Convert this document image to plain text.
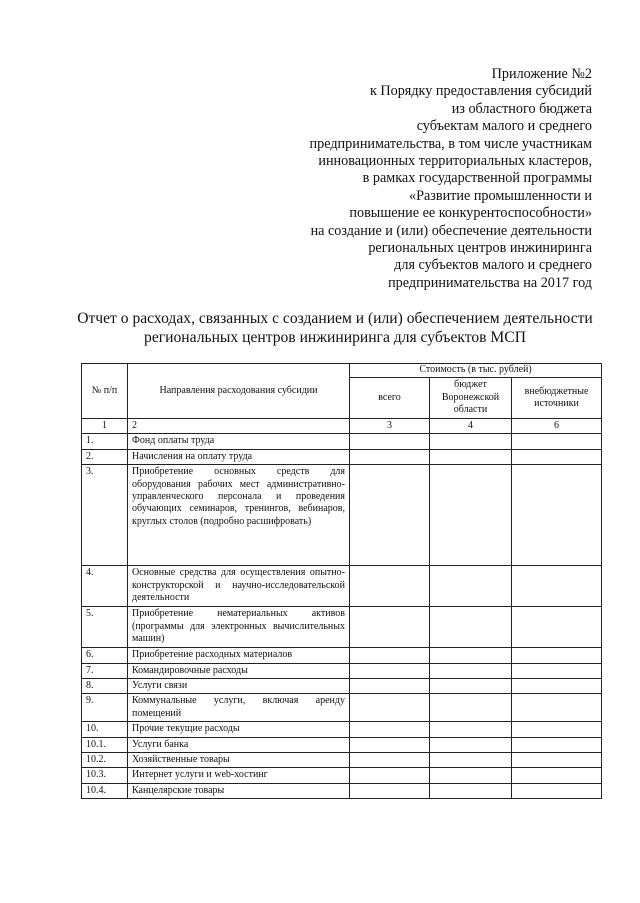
Приложение №2
к Порядку предоставления субсидий
из областного бюджета
субъектам малого и среднего
предпринимательства, в том числе участникам
инновационных территориальных кластеров,
в рамках государственной программы
«Развитие промышленности и
повышение ее конкурентоспособности»
на создание и (или) обеспечение деятельности
региональных центров инжиниринга
для субъектов малого и среднего
предпринимательства на 2017 год
Отчет о расходах, связанных с созданием и (или) обеспечением деятельности
региональных центров инжиниринга для субъектов МСП
№ п/п	Направления расходования субсидии	Стоимость (в тыс. рублей)		
		всего	бюджет Воронежской области	внебюджетные источники
1	2	3	4	6
1.	Фонд оплаты труда			
2.	Начисления на оплату труда			
3.	Приобретение основных средств для оборудования рабочих мест административно-управленческого персонала и проведения обучающих семинаров, тренингов, вебинаров, круглых столов (подробно расшифровать)			
4.	Основные средства для осуществления опытно-конструкторской и научно-исследовательской деятельности			
5.	Приобретение нематериальных активов (программы для электронных вычислительных машин)			
6.	Приобретение расходных материалов			
7.	Командировочные расходы			
8.	Услуги связи			
9.	Коммунальные услуги, включая аренду помещений			
10.	Прочие текущие расходы			
10.1.	Услуги банка			
10.2.	Хозяйственные товары			
10.3.	Интернет услуги и web-хостинг			
10.4.	Канцелярские товары			
